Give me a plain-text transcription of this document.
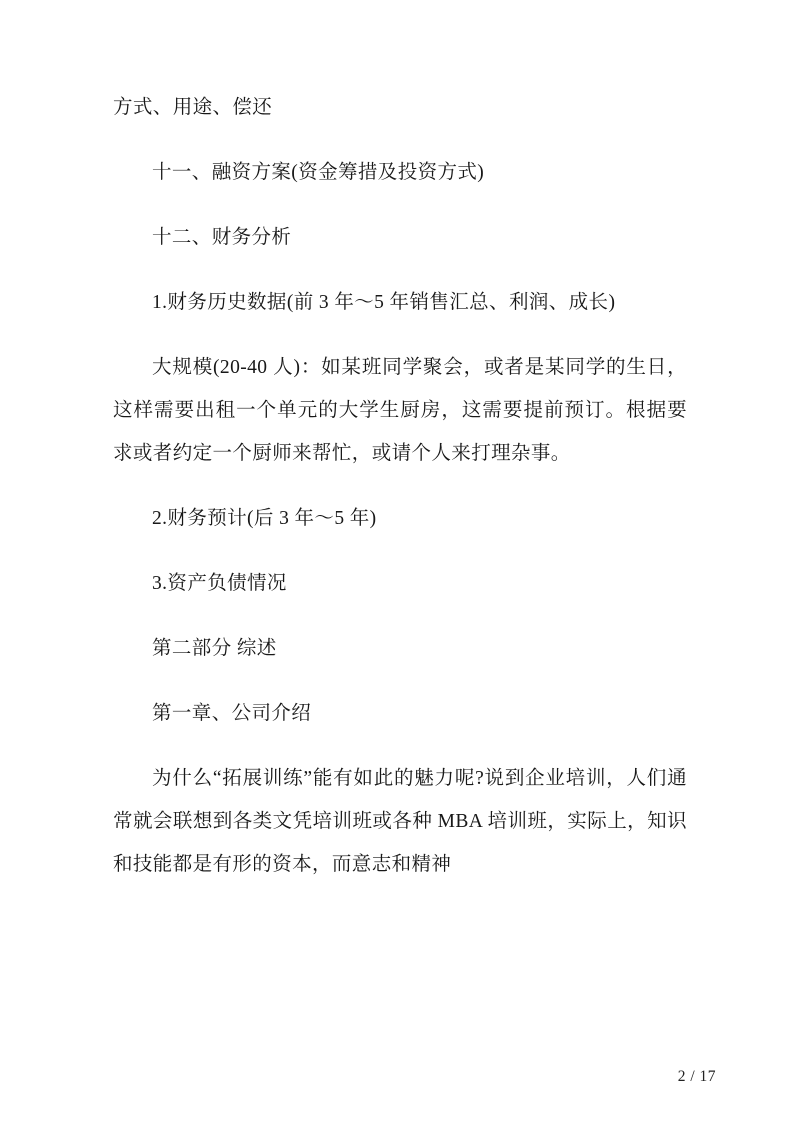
方式、用途、偿还

十一、融资方案(资金筹措及投资方式)

十二、财务分析

1.财务历史数据(前 3 年～5 年销售汇总、利润、成长)

大规模(20-40 人)：如某班同学聚会，或者是某同学的生日，这样需要出租一个单元的大学生厨房，这需要提前预订。根据要求或者约定一个厨师来帮忙，或请个人来打理杂事。

2.财务预计(后 3 年～5 年)

3.资产负债情况

第二部分 综述

第一章、公司介绍

为什么“拓展训练”能有如此的魅力呢?说到企业培训，人们通常就会联想到各类文凭培训班或各种 MBA 培训班，实际上，知识和技能都是有形的资本，而意志和精神

2 / 17
